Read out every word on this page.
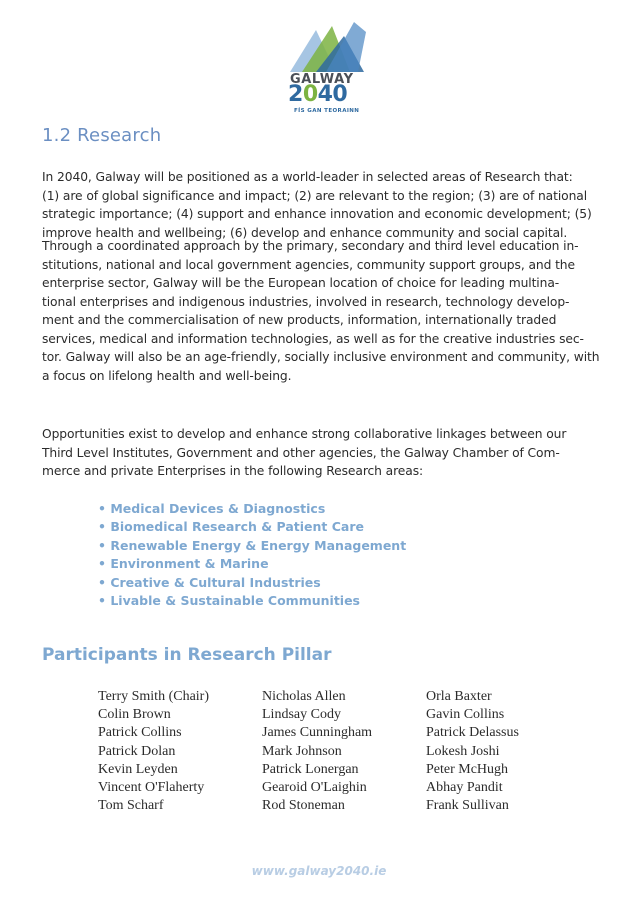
GALWAY
2040
FÍS GAN TEORAINN
1.2 Research

In 2040, Galway will be positioned as a world-leader in selected areas of Research that:
(1) are of global significance and impact; (2) are relevant to the region; (3) are of national
strategic importance; (4) support and enhance innovation and economic development; (5)
improve health and wellbeing; (6) develop and enhance community and social capital.

Through a coordinated approach by the primary, secondary and third level education in-
stitutions, national and local government agencies, community support groups, and the
enterprise sector, Galway will be the European location of choice for leading multina-
tional enterprises and indigenous industries, involved in research, technology develop-
ment and the commercialisation of new products, information, internationally traded
services, medical and information technologies, as well as for the creative industries sec-
tor. Galway will also be an age-friendly, socially inclusive environment and community, with
a focus on lifelong health and well-being.

Opportunities exist to develop and enhance strong collaborative linkages between our
Third Level Institutes, Government and other agencies, the Galway Chamber of Com-
merce and private Enterprises in the following Research areas:

• Medical Devices & Diagnostics
• Biomedical Research & Patient Care
• Renewable Energy & Energy Management
• Environment & Marine
• Creative & Cultural Industries
• Livable & Sustainable Communities
Participants in Research Pillar
Terry Smith (Chair)
Colin Brown
Patrick Collins
Patrick Dolan
Kevin Leyden
Vincent O'Flaherty
Tom Scharf
Nicholas Allen
Lindsay Cody
James Cunningham
Mark Johnson
Patrick Lonergan
Gearoid O'Laighin
Rod Stoneman
Orla Baxter
Gavin Collins
Patrick Delassus
Lokesh Joshi
Peter McHugh
Abhay Pandit
Frank Sullivan
www.galway2040.ie
